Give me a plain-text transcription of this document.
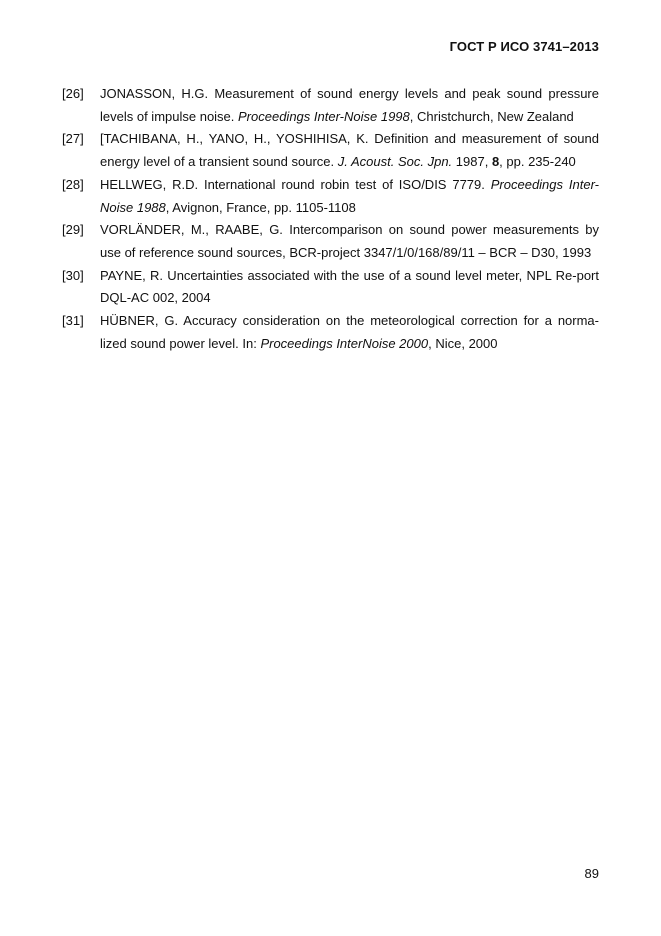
ГОСТ Р ИСО 3741–2013
[26]	JONASSON, H.G. Measurement of sound energy levels and peak sound pressure levels of impulse noise. Proceedings Inter-Noise 1998, Christchurch, New Zealand
[27]	[TACHIBANA, H., YANO, H., YOSHIHISA, K. Definition and measurement of sound energy level of a transient sound source. J. Acoust. Soc. Jpn. 1987, 8, pp. 235-240
[28]	HELLWEG, R.D. International round robin test of ISO/DIS 7779. Proceedings Inter-Noise 1988, Avignon, France, pp. 1105-1108
[29]	VORLÄNDER, M., RAABE, G. Intercomparison on sound power measurements by use of reference sound sources, BCR-project 3347/1/0/168/89/11 – BCR – D30, 1993
[30]	PAYNE, R. Uncertainties associated with the use of a sound level meter, NPL Re-port DQL-AC 002, 2004
[31]	HÜBNER, G. Accuracy consideration on the meteorological correction for a norma-lized sound power level. In: Proceedings InterNoise 2000, Nice, 2000
89
